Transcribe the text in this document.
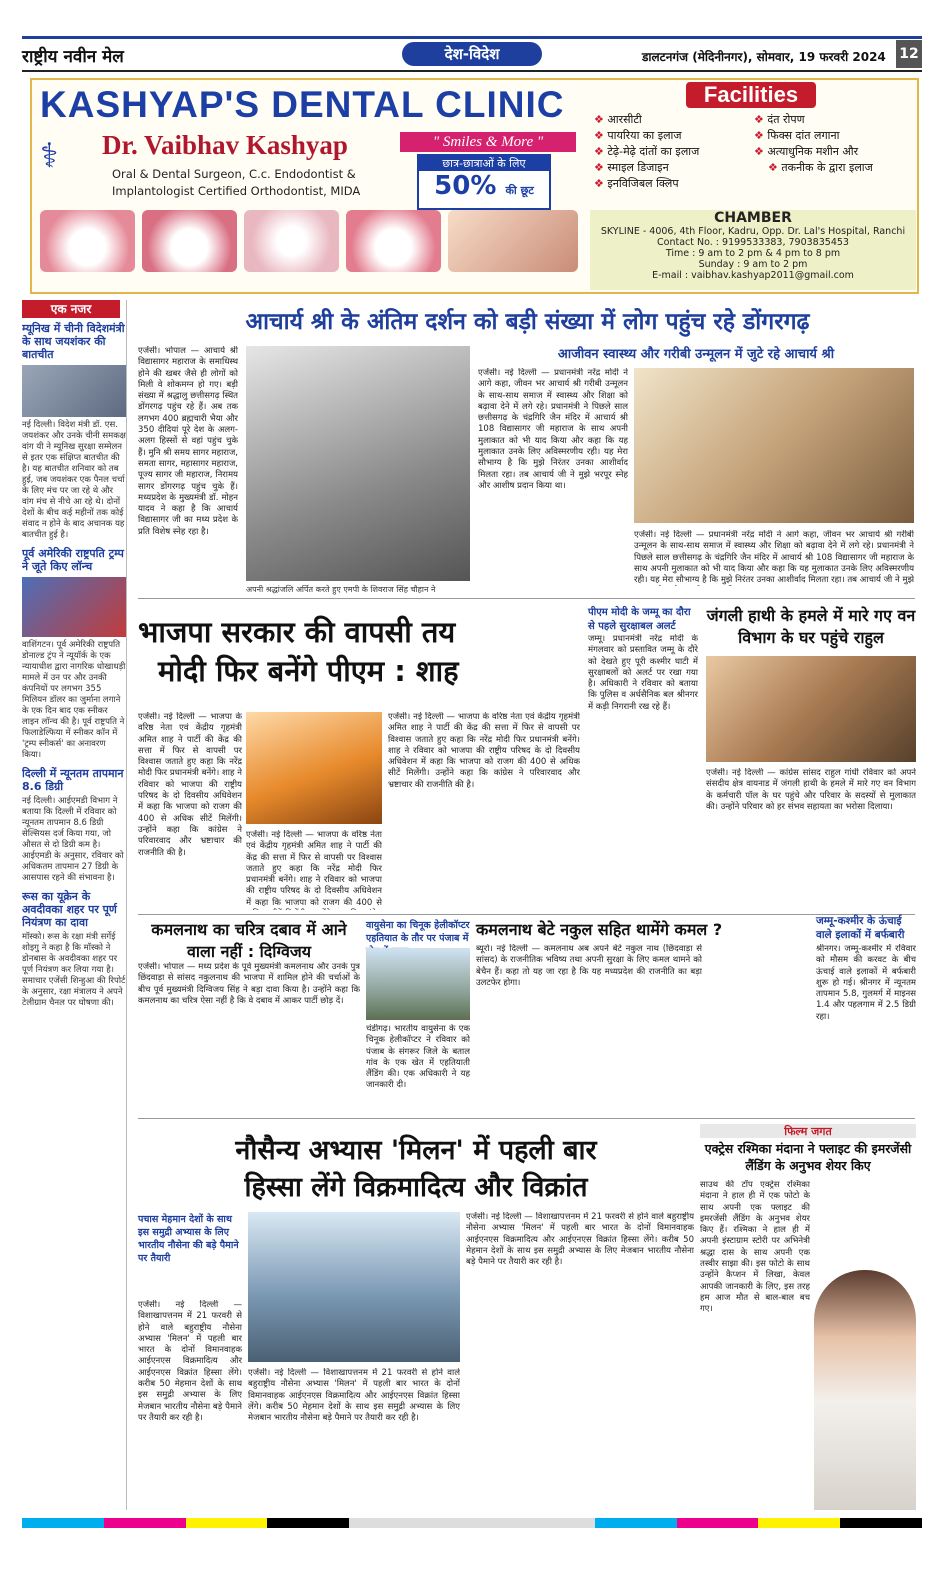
राष्ट्रीय नवीन मेल	देश-विदेश	डालटनगंज (मेदिनीनगर), सोमवार, 19 फरवरी 2024 12
KASHYAP'S DENTAL CLINIC
⚕ Dr. Vaibhav Kashyap
Oral & Dental Surgeon, C.c. Endodontist &
Implantologist Certified Orthodontist, MIDA
" Smiles & More "
छात्र-छात्राओं के लिए
50% की छूट
Facilities
❖ आरसीटी
❖ पायरिया का इलाज
❖ टेढ़े-मेढ़े दांतों का इलाज
❖ स्माइल डिजाइन
❖ इनविजिबल क्लिप
❖ दंत रोपण
❖ फिक्स दांत लगाना
❖ अत्याधुनिक मशीन और
❖ तकनीक के द्वारा इलाज
CHAMBER
SKYLINE - 4006, 4th Floor, Kadru, Opp. Dr. Lal's Hospital, Ranchi
Contact No. : 9199533383, 7903835453
Time : 9 am to 2 pm & 4 pm to 8 pm
Sunday : 9 am to 2 pm
E-mail : vaibhav.kashyap2011@gmail.com
एक नजर
म्यूनिख में चीनी विदेशमंत्री के साथ जयशंकर की बातचीत
नई दिल्ली। विदेश मंत्री डॉ. एस. जयशंकर और उनके चीनी समकक्ष वांग यी ने म्यूनिख सुरक्षा सम्मेलन से इतर एक संक्षिप्त बातचीत की है। यह बातचीत शनिवार को तब हुई, जब जयशंकर एक पैनल चर्चा के लिए मंच पर जा रहे थे और वांग मंच से नीचे आ रहे थे। दोनों देशों के बीच कई महीनों तक कोई संवाद न होने के बाद अचानक यह बातचीत हुई है।
पूर्व अमेरिकी राष्ट्रपति ट्रम्प ने जूते किए लॉन्च
वाशिंगटन। पूर्व अमेरिकी राष्ट्रपति डोनाल्ड ट्रंप ने न्यूयॉर्क के एक न्यायाधीश द्वारा नागरिक धोखाधड़ी मामले में उन पर और उनकी कंपनियों पर लगभग 355 मिलियन डॉलर का जुर्माना लगाने के एक दिन बाद एक स्नीकर लाइन लॉन्च की है। पूर्व राष्ट्रपति ने फिलाडेल्फिया में स्नीकर कॉन में 'ट्रम्प स्नीकर्स' का अनावरण किया।
दिल्ली में न्यूनतम तापमान 8.6 डिग्री
नई दिल्ली। आईएमडी विभाग ने बताया कि दिल्ली में रविवार को न्यूनतम तापमान 8.6 डिग्री सेल्सियस दर्ज किया गया, जो औसत से दो डिग्री कम है। आईएमडी के अनुसार, रविवार को अधिकतम तापमान 27 डिग्री के आसपास रहने की संभावना है।
रूस का यूक्रेन के अवदीवका शहर पर पूर्ण नियंत्रण का दावा
मॉस्को। रूस के रक्षा मंत्री सर्गेई शोइगु ने कहा है कि मॉस्को ने डोनबास के अवदीवका शहर पर पूर्ण नियंत्रण कर लिया गया है। समाचार एजेंसी शिन्हुआ की रिपोर्ट के अनुसार, रक्षा मंत्रालय ने अपने टेलीग्राम चैनल पर घोषणा की।
आचार्य श्री के अंतिम दर्शन को बड़ी संख्या में लोग पहुंच रहे डोंगरगढ़
एजेंसी। भोपाल — आचार्य श्री विद्यासागर महाराज के समाधिस्थ होने की खबर जैसे ही लोगों को मिली वे शोकमग्न हो गए। बड़ी संख्या में श्रद्धालु छत्तीसगढ़ स्थित डोंगरगढ़ पहुंच रहे हैं। अब तक लगभग 400 ब्रह्मचारी भैया और 350 दीदियां पूरे देश के अलग-अलग हिस्सों से वहां पहुंच चुके हैं। मुनि श्री समय सागर महाराज, समता सागर, महासागर महाराज, पूज्य सागर जी महाराज, निरामय सागर डोंगरगढ़ पहुंच चुके हैं। मध्यप्रदेश के मुख्यमंत्री डॉ. मोहन यादव ने कहा है कि आचार्य विद्यासागर जी का मध्य प्रदेश के प्रति विशेष स्नेह रहा है।
अपनी श्रद्धांजलि अर्पित करते हुए एमपी के शिवराज सिंह चौहान ने
आजीवन स्वास्थ्य और गरीबी उन्मूलन में जुटे रहे आचार्य श्री
एजेंसी। नई दिल्ली — प्रधानमंत्री नरेंद्र मोदी ने आगे कहा, जीवन भर आचार्य श्री गरीबी उन्मूलन के साथ-साथ समाज में स्वास्थ्य और शिक्षा को बढ़ावा देने में लगे रहे। प्रधानमंत्री ने पिछले साल छत्तीसगढ़ के चंद्रगिरि जैन मंदिर में आचार्य श्री 108 विद्यासागर जी महाराज के साथ अपनी मुलाकात को भी याद किया और कहा कि यह मुलाकात उनके लिए अविस्मरणीय रही। यह मेरा सौभाग्य है कि मुझे निरंतर उनका आशीर्वाद मिलता रहा। तब आचार्य जी ने मुझे भरपूर स्नेह और आशीष प्रदान किया था।
एजेंसी। नई दिल्ली — प्रधानमंत्री नरेंद्र मोदी ने आगे कहा, जीवन भर आचार्य श्री गरीबी उन्मूलन के साथ-साथ समाज में स्वास्थ्य और शिक्षा को बढ़ावा देने में लगे रहे। प्रधानमंत्री ने पिछले साल छत्तीसगढ़ के चंद्रगिरि जैन मंदिर में आचार्य श्री 108 विद्यासागर जी महाराज के साथ अपनी मुलाकात को भी याद किया और कहा कि यह मुलाकात उनके लिए अविस्मरणीय रही। यह मेरा सौभाग्य है कि मुझे निरंतर उनका आशीर्वाद मिलता रहा। तब आचार्य जी ने मुझे
भाजपा सरकार की वापसी तय
मोदी फिर बनेंगे पीएम : शाह
एजेंसी। नई दिल्ली — भाजपा के वरिष्ठ नेता एवं केंद्रीय गृहमंत्री अमित शाह ने पार्टी की केंद्र की सत्ता में फिर से वापसी पर विश्वास जताते हुए कहा कि नरेंद्र मोदी फिर प्रधानमंत्री बनेंगे। शाह ने रविवार को भाजपा की राष्ट्रीय परिषद के दो दिवसीय अधिवेशन में कहा कि भाजपा को राजग की 400 से अधिक सीटें मिलेंगी। उन्होंने कहा कि कांग्रेस ने परिवारवाद और भ्रष्टाचार की राजनीति की है।
एजेंसी। नई दिल्ली — भाजपा के वरिष्ठ नेता एवं केंद्रीय गृहमंत्री अमित शाह ने पार्टी की केंद्र की सत्ता में फिर से वापसी पर विश्वास जताते हुए कहा कि नरेंद्र मोदी फिर प्रधानमंत्री बनेंगे। शाह ने रविवार को भाजपा की राष्ट्रीय परिषद के दो दिवसीय अधिवेशन में कहा कि भाजपा को राजग की 400 से
एजेंसी। नई दिल्ली — भाजपा के वरिष्ठ नेता एवं केंद्रीय गृहमंत्री अमित शाह ने पार्टी की केंद्र की सत्ता में फिर से वापसी पर विश्वास जताते हुए कहा कि नरेंद्र मोदी फिर प्रधानमंत्री बनेंगे। शाह ने रविवार को भाजपा की राष्ट्रीय परिषद के दो दिवसीय अधिवेशन में कहा कि भाजपा को राजग की 400 से अधिक सीटें मिलेंगी। उन्होंने कहा कि कांग्रेस ने परिवारवाद और भ्रष्टाचार की राजनीति की है।
पीएम मोदी के जम्मू का दौरा से पहले सुरक्षाबल अलर्ट
जम्मू। प्रधानमंत्री नरेंद्र मोदी के मंगलवार को प्रस्तावित जम्मू के दौरे को देखते हुए पूरी कश्मीर घाटी में सुरक्षाबलों को अलर्ट पर रखा गया है। अधिकारी ने रविवार को बताया कि पुलिस व अर्धसैनिक बल श्रीनगर में कड़ी निगरानी रख रहे हैं।
जंगली हाथी के हमले में मारे गए वन विभाग के घर पहुंचे राहुल
एजेंसी। नई दिल्ली — कांग्रेस सांसद राहुल गांधी रविवार को अपने संसदीय क्षेत्र वायनाड में जंगली हाथी के हमले में मारे गए वन विभाग के कर्मचारी पॉल के घर पहुंचे और परिवार के सदस्यों से मुलाकात की। उन्होंने परिवार को हर संभव सहायता का भरोसा दिलाया।
कमलनाथ का चरित्र दबाव में आने वाला नहीं : दिग्विजय
एजेंसी। भोपाल — मध्य प्रदेश के पूर्व मुख्यमंत्री कमलनाथ और उनके पुत्र छिंदवाड़ा से सांसद नकुलनाथ की भाजपा में शामिल होने की चर्चाओं के बीच पूर्व मुख्यमंत्री दिग्विजय सिंह ने बड़ा दावा किया है। उन्होंने कहा कि कमलनाथ का चरित्र ऐसा नहीं है कि वे दबाव में आकर पार्टी छोड़ दें।
वायुसेना का चिनूक हेलीकॉप्टर एहतियात के तौर पर पंजाब में
चंडीगढ़। भारतीय वायुसेना के एक चिनूक हेलीकॉप्टर ने रविवार को पंजाब के संगरूर जिले के बताल गांव के एक खेत में एहतियाती लैंडिंग की। एक अधिकारी ने यह जानकारी दी।
कमलनाथ बेटे नकुल सहित थामेंगे कमल ?
ब्यूरो। नई दिल्ली — कमलनाथ अब अपने बेटे नकुल नाथ (छिंदवाड़ा से सांसद) के राजनीतिक भविष्य तथा अपनी सुरक्षा के लिए कमल थामने को बेचैन हैं। कहा तो यह जा रहा है कि यह मध्यप्रदेश की राजनीति का बड़ा उलटफेर होगा।
जम्मू-कश्मीर के ऊंचाई वाले इलाकों में बर्फबारी
श्रीनगर। जम्मू-कश्मीर में रविवार को मौसम की करवट के बीच ऊंचाई वाले इलाकों में बर्फबारी शुरू हो गई। श्रीनगर में न्यूनतम तापमान 5.8, गुलमर्ग में माइनस 1.4 और पहलगाम में 2.5 डिग्री रहा।
नौसैन्य अभ्यास 'मिलन' में पहली बार
हिस्सा लेंगे विक्रमादित्य और विक्रांत
पचास मेहमान देशों के साथ इस समुद्री अभ्यास के लिए भारतीय नौसेना की बड़े पैमाने पर तैयारी
एजेंसी। नई दिल्ली — विशाखापत्तनम में 21 फरवरी से होने वाले बहुराष्ट्रीय नौसेना अभ्यास 'मिलन' में पहली बार भारत के दोनों विमानवाहक आईएनएस विक्रमादित्य और आईएनएस विक्रांत हिस्सा लेंगे। करीब 50 मेहमान देशों के साथ इस समुद्री अभ्यास के लिए मेजबान भारतीय नौसेना बड़े पैमाने पर तैयारी कर रही है।
एजेंसी। नई दिल्ली — विशाखापत्तनम में 21 फरवरी से होने वाले बहुराष्ट्रीय नौसेना अभ्यास 'मिलन' में पहली बार भारत के दोनों विमानवाहक आईएनएस विक्रमादित्य और आईएनएस विक्रांत हिस्सा लेंगे। करीब 50 मेहमान देशों के साथ इस समुद्री अभ्यास के लिए मेजबान भारतीय नौसेना बड़े पैमाने पर तैयारी कर रही है।
एजेंसी। नई दिल्ली — विशाखापत्तनम में 21 फरवरी से होने वाले बहुराष्ट्रीय नौसेना अभ्यास 'मिलन' में पहली बार भारत के दोनों विमानवाहक आईएनएस विक्रमादित्य और आईएनएस विक्रांत हिस्सा लेंगे। करीब 50 मेहमान देशों के साथ इस समुद्री अभ्यास के लिए मेजबान भारतीय नौसेना बड़े पैमाने पर तैयारी कर रही है।
फिल्म जगत
एक्ट्रेस रश्मिका मंदाना ने फ्लाइट की इमरजेंसी लैंडिंग के अनुभव शेयर किए
साउथ की टॉप एक्ट्रेस रश्मिका मंदाना ने हाल ही में एक फोटो के साथ अपनी एक फ्लाइट की इमरजेंसी लैंडिंग के अनुभव शेयर किए हैं। रश्मिका ने हाल ही में अपनी इंस्टाग्राम स्टोरी पर अभिनेत्री श्रद्धा दास के साथ अपनी एक तस्वीर साझा की। इस फोटो के साथ उन्होंने कैप्शन में लिखा, केवल आपकी जानकारी के लिए, इस तरह हम आज मौत से बाल-बाल बच गए।
